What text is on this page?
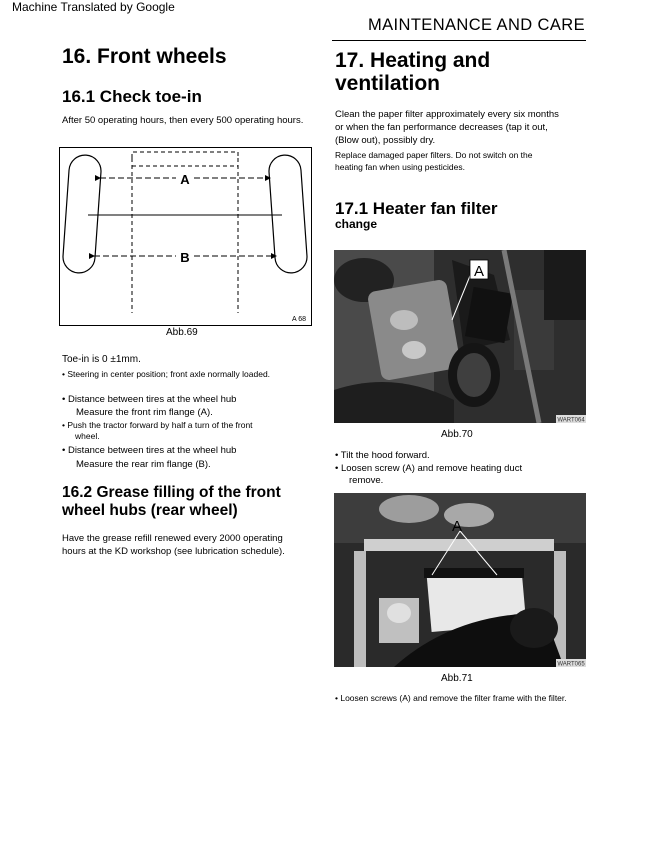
Machine Translated by Google
MAINTENANCE AND CARE
16. Front wheels
16.1 Check toe-in
After 50 operating hours, then every 500 operating hours.
A
B
A 68
Abb.69
Toe-in is 0 ±1mm.
• Steering in center position; front axle normally loaded.
• Distance between tires at the wheel hub
Measure the front rim flange (A).
• Push the tractor forward by half a turn of the front
wheel.
• Distance between tires at the wheel hub
Measure the rear rim flange (B).
16.2 Grease filling of the front
wheel hubs (rear wheel)
Have the grease refill renewed every 2000 operating
hours at the KD workshop (see lubrication schedule).
17. Heating and
ventilation
Clean the paper filter approximately every six months
or when the fan performance decreases (tap it out,
(Blow out), possibly dry.
Replace damaged paper filters. Do not switch on the
heating fan when using pesticides.
17.1 Heater fan filter
change
A
WART064
Abb.70
• Tilt the hood forward.
• Loosen screw (A) and remove heating duct
remove.
A
WART065
Abb.71
• Loosen screws (A) and remove the filter frame with the filter.
